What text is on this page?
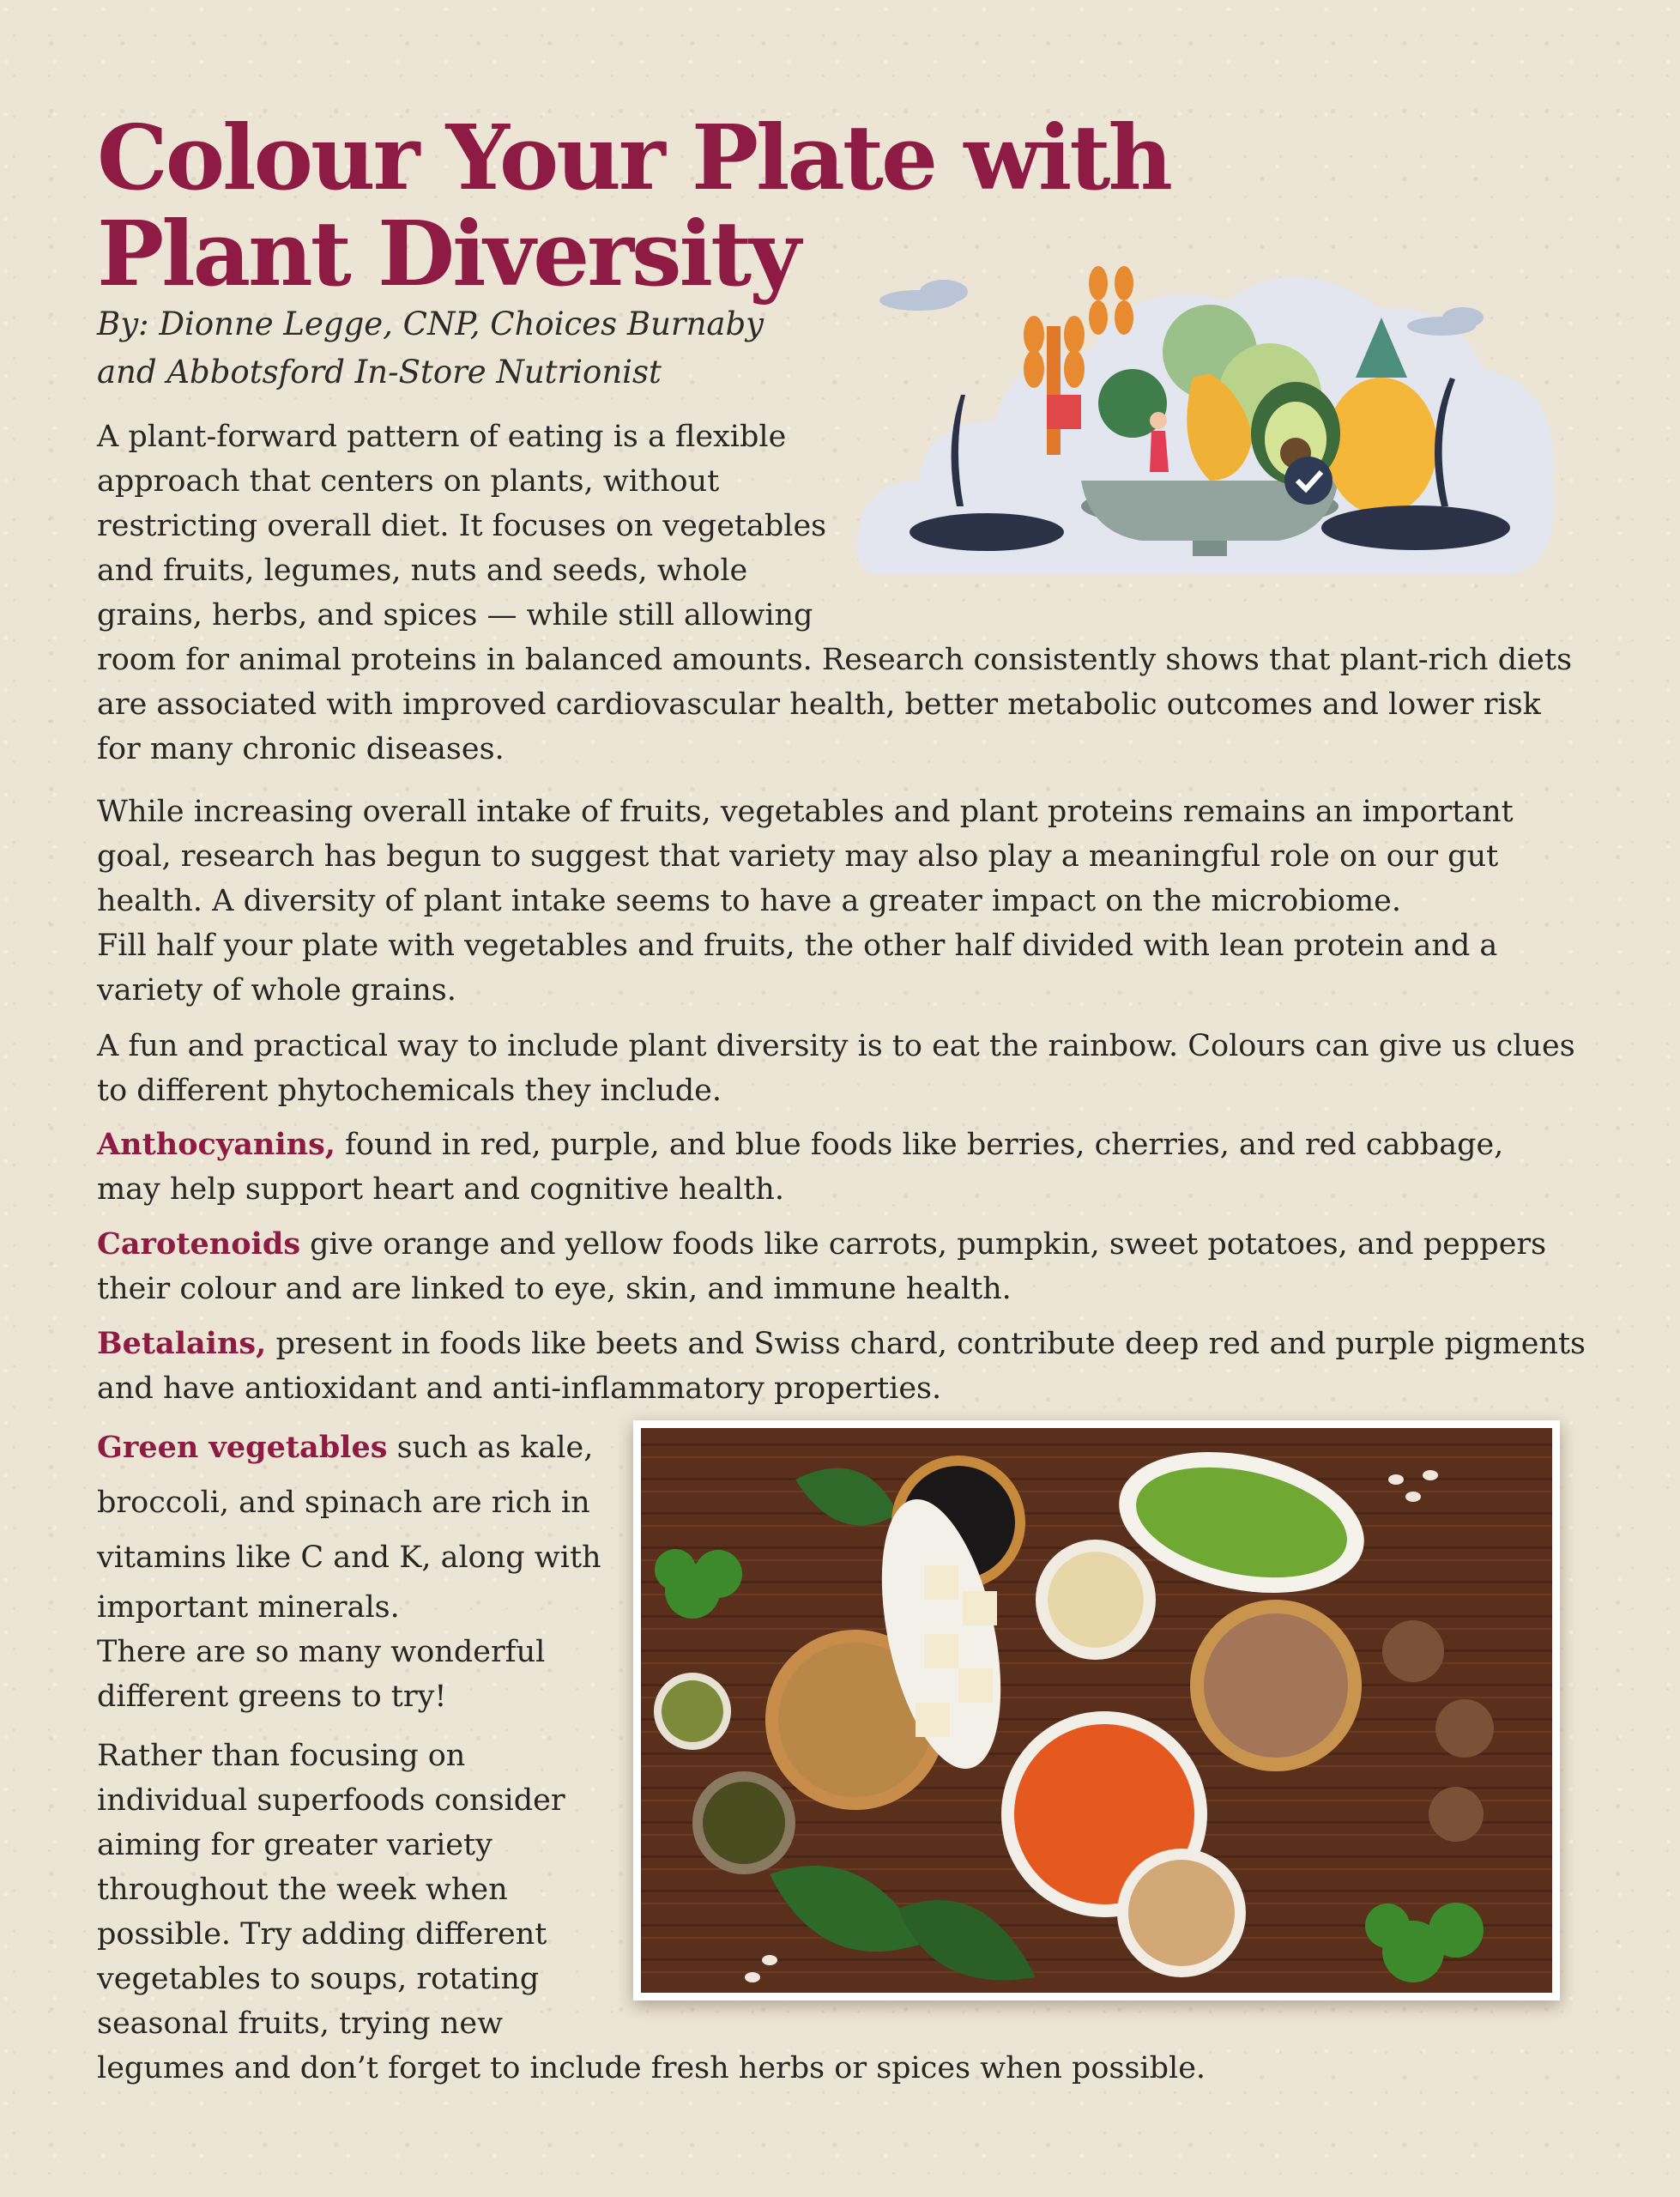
Colour Your Plate with
Plant Diversity
By: Dionne Legge, CNP, Choices Burnaby
and Abbotsford In-Store Nutrionist
A plant-forward pattern of eating is a flexible
approach that centers on plants, without
restricting overall diet. It focuses on vegetables
and fruits, legumes, nuts and seeds, whole
grains, herbs, and spices — while still allowing
room for animal proteins in balanced amounts. Research consistently shows that plant-rich diets
are associated with improved cardiovascular health, better metabolic outcomes and lower risk
for many chronic diseases.
While increasing overall intake of fruits, vegetables and plant proteins remains an important
goal, research has begun to suggest that variety may also play a meaningful role on our gut
health. A diversity of plant intake seems to have a greater impact on the microbiome.
Fill half your plate with vegetables and fruits, the other half divided with lean protein and a
variety of whole grains.
A fun and practical way to include plant diversity is to eat the rainbow. Colours can give us clues
to different phytochemicals they include.
Anthocyanins, found in red, purple, and blue foods like berries, cherries, and red cabbage,
may help support heart and cognitive health.
Carotenoids give orange and yellow foods like carrots, pumpkin, sweet potatoes, and peppers
their colour and are linked to eye, skin, and immune health.
Betalains, present in foods like beets and Swiss chard, contribute deep red and purple pigments
and have antioxidant and anti-inflammatory properties.
Green vegetables such as kale,
broccoli, and spinach are rich in
vitamins like C and K, along with
important minerals.
There are so many wonderful
different greens to try!
Rather than focusing on
individual superfoods consider
aiming for greater variety
throughout the week when
possible. Try adding different
vegetables to soups, rotating
seasonal fruits, trying new
legumes and don’t forget to include fresh herbs or spices when possible.
